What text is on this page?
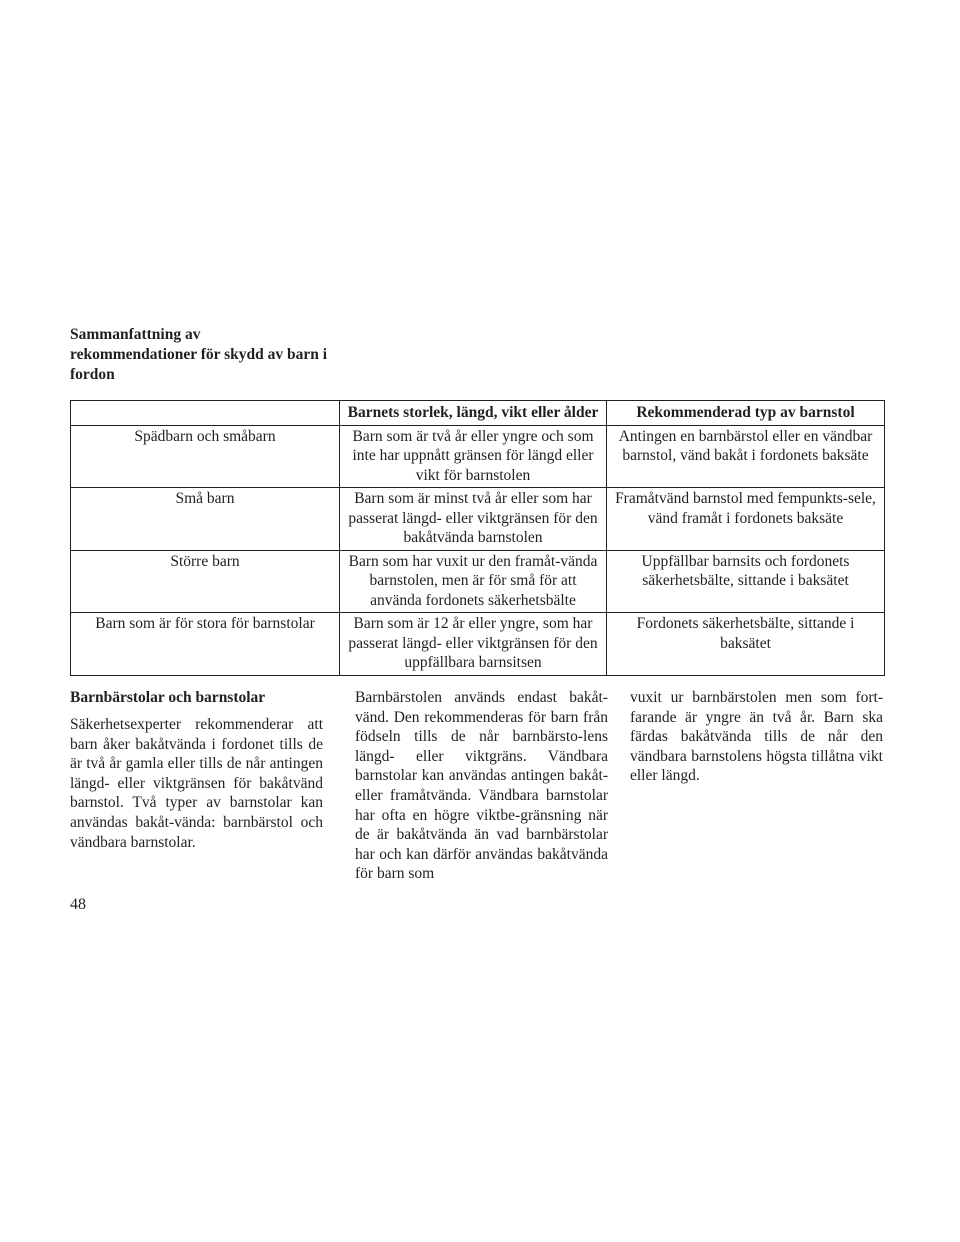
Sammanfattning av rekommendationer för skydd av barn i fordon
	Barnets storlek, längd, vikt eller ålder	Rekommenderad typ av barnstol
Spädbarn och småbarn	Barn som är två år eller yngre och som inte har uppnått gränsen för längd eller vikt för barnstolen	Antingen en barnbärstol eller en vändbar barnstol, vänd bakåt i fordonets baksäte
Små barn	Barn som är minst två år eller som har passerat längd- eller viktgränsen för den bakåtvända barnstolen	Framåtvänd barnstol med fempunkts-sele, vänd framåt i fordonets baksäte
Större barn	Barn som har vuxit ur den framåt-vända barnstolen, men är för små för att använda fordonets säkerhetsbälte	Uppfällbar barnsits och fordonets säkerhetsbälte, sittande i baksätet
Barn som är för stora för barnstolar	Barn som är 12 år eller yngre, som har passerat längd- eller viktgränsen för den uppfällbara barnsitsen	Fordonets säkerhetsbälte, sittande i baksätet
Barnbärstolar och barnstolar

Säkerhetsexperter rekommenderar att barn åker bakåtvända i fordonet tills de är två år gamla eller tills de når antingen längd- eller viktgränsen för bakåtvänd barnstol. Två typer av barnstolar kan användas bakåt-vända: barnbärstol och vändbara barnstolar.

Barnbärstolen används endast bakåt-vänd. Den rekommenderas för barn från födseln tills de når barnbärsto-lens längd- eller viktgräns. Vändbara barnstolar kan användas antingen bakåt- eller framåtvända. Vändbara barnstolar har ofta en högre viktbe-gränsning när de är bakåtvända än vad barnbärstolar har och kan därför användas bakåtvända för barn som

vuxit ur barnbärstolen men som fort-farande är yngre än två år. Barn ska färdas bakåtvända tills de når den vändbara barnstolens högsta tillåtna vikt eller längd.

48
